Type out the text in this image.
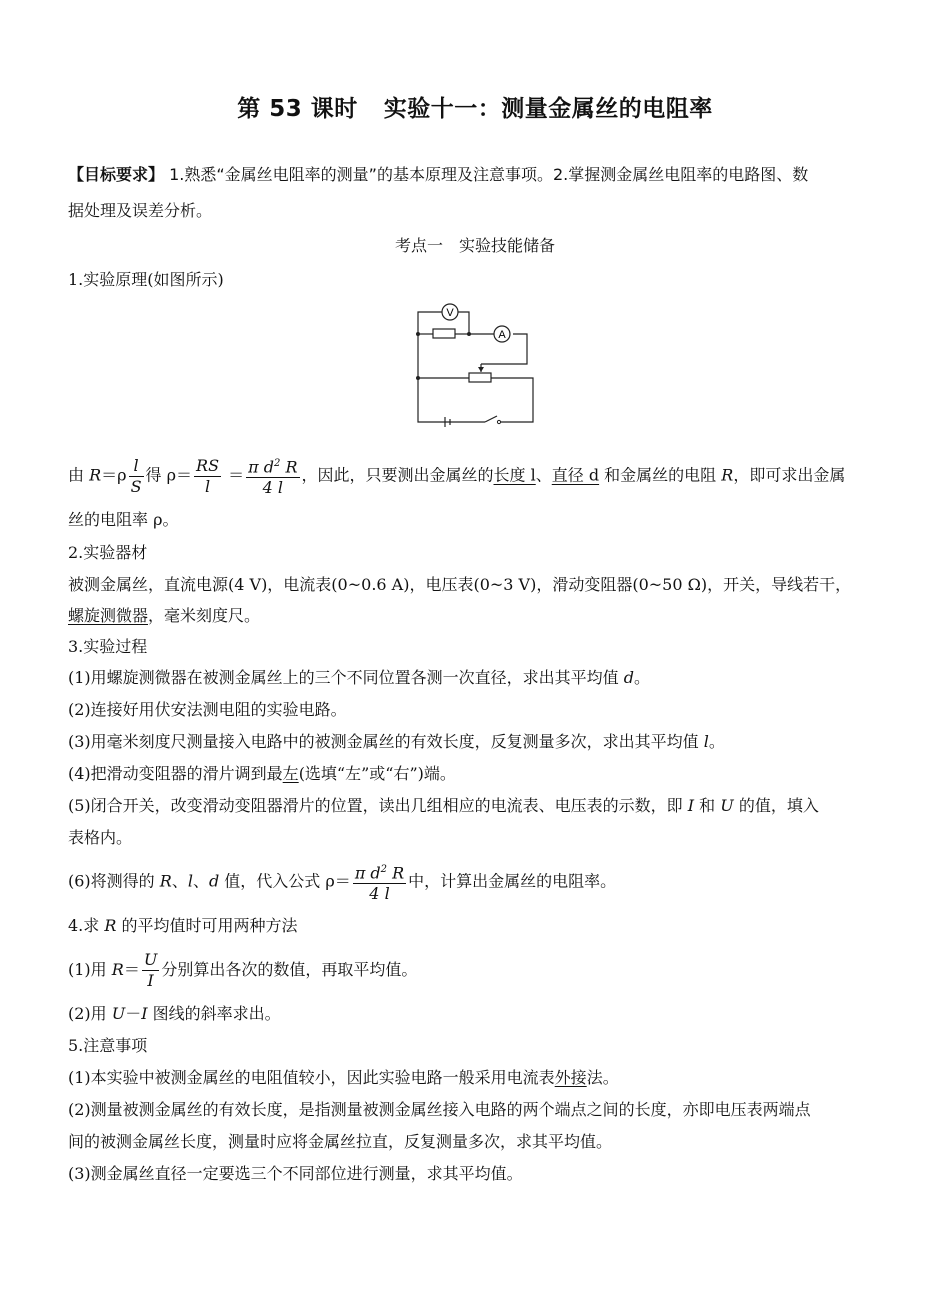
第 53 课时 实验十一：测量金属丝的电阻率
【目标要求】 1.熟悉“金属丝电阻率的测量”的基本原理及注意事项。2.掌握测金属丝电阻率的电路图、数
据处理及误差分析。
考点一　实验技能储备
1.实验原理(如图所示)
V
A
由 $R=\rho \frac{l}{S}$ 得 $\rho= \frac{RS}{l} = \frac{\pi d^2 R}{4 l}$ ，因此，只要测出金属丝的长度 l、直径 d 和金属丝的电阻 R，即可求出金属
丝的电阻率 ρ。
2.实验器材
被测金属丝，直流电源(4 V)，电流表(0~0.6 A)，电压表(0~3 V)，滑动变阻器(0~50 Ω)，开关，导线若干，
螺旋测微器，毫米刻度尺。
3.实验过程
(1)用螺旋测微器在被测金属丝上的三个不同位置各测一次直径，求出其平均值 d。
(2)连接好用伏安法测电阻的实验电路。
(3)用毫米刻度尺测量接入电路中的被测金属丝的有效长度，反复测量多次，求出其平均值 l。
(4)把滑动变阻器的滑片调到最左(选填“左”或“右”)端。
(5)闭合开关，改变滑动变阻器滑片的位置，读出几组相应的电流表、电压表的示数，即 I 和 U 的值，填入
表格内。
(6)将测得的 R、l、d 值，代入公式 $\rho= \frac{\pi d^2 R}{4 l}$ 中，计算出金属丝的电阻率。
4.求 R 的平均值时可用两种方法
(1)用 $R= \frac{U}{I}$ 分别算出各次的数值，再取平均值。
(2)用 U－I 图线的斜率求出。
5.注意事项
(1)本实验中被测金属丝的电阻值较小，因此实验电路一般采用电流表外接法。
(2)测量被测金属丝的有效长度，是指测量被测金属丝接入电路的两个端点之间的长度，亦即电压表两端点
间的被测金属丝长度，测量时应将金属丝拉直，反复测量多次，求其平均值。
(3)测金属丝直径一定要选三个不同部位进行测量，求其平均值。
